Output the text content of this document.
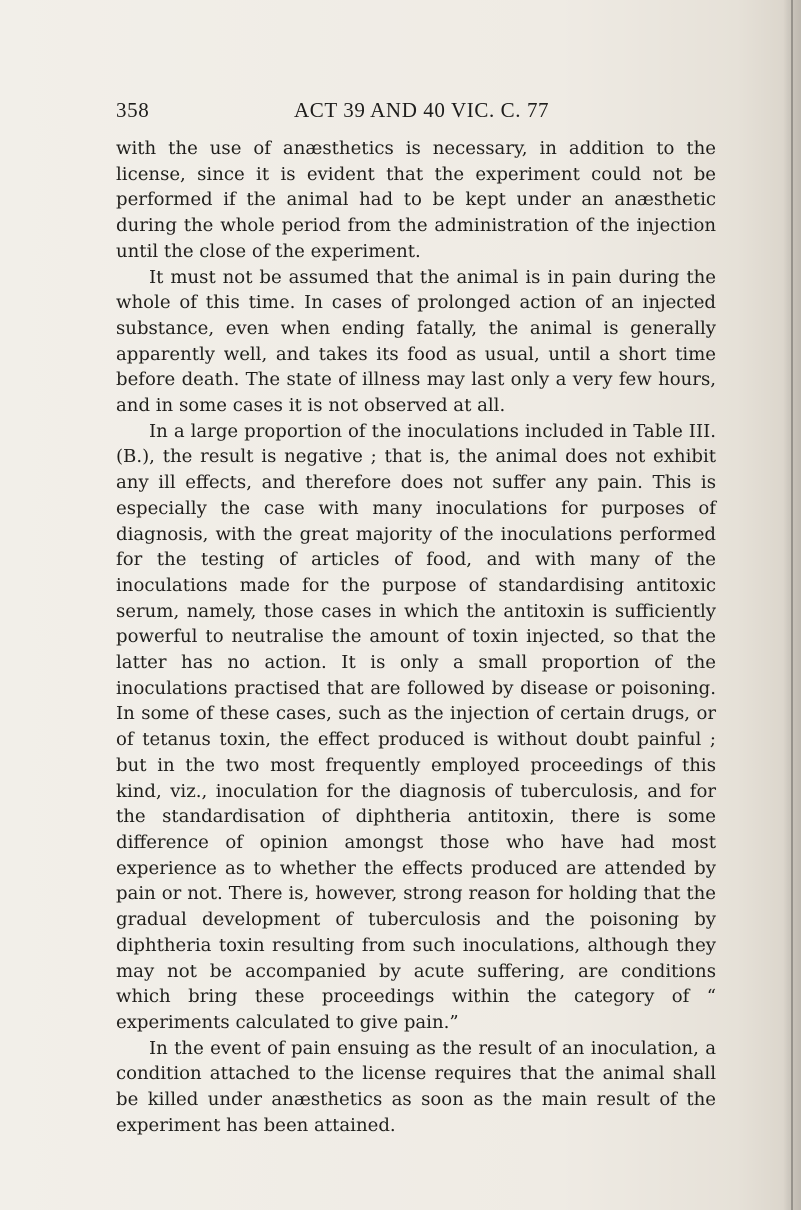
358	ACT 39 AND 40 VIC. C. 77

with the use of anæsthetics is necessary, in addition to the license, since it is evident that the experiment could not be performed if the animal had to be kept under an anæsthetic during the whole period from the administration of the injection until the close of the experiment.

It must not be assumed that the animal is in pain during the whole of this time. In cases of prolonged action of an injected substance, even when ending fatally, the animal is generally apparently well, and takes its food as usual, until a short time before death. The state of illness may last only a very few hours, and in some cases it is not observed at all.

In a large proportion of the inoculations included in Table III. (B.), the result is negative ; that is, the animal does not exhibit any ill effects, and therefore does not suffer any pain. This is especially the case with many inoculations for purposes of diagnosis, with the great majority of the inoculations performed for the testing of articles of food, and with many of the inoculations made for the purpose of standardising antitoxic serum, namely, those cases in which the antitoxin is sufficiently powerful to neutralise the amount of toxin injected, so that the latter has no action. It is only a small proportion of the inoculations practised that are followed by disease or poisoning. In some of these cases, such as the injection of certain drugs, or of tetanus toxin, the effect produced is without doubt painful ; but in the two most frequently employed proceedings of this kind, viz., inoculation for the diagnosis of tuberculosis, and for the standardisation of diphtheria antitoxin, there is some difference of opinion amongst those who have had most experience as to whether the effects produced are attended by pain or not. There is, however, strong reason for holding that the gradual development of tuberculosis and the poisoning by diphtheria toxin resulting from such inoculations, although they may not be accompanied by acute suffering, are conditions which bring these proceedings within the category of “ experiments calculated to give pain.”

In the event of pain ensuing as the result of an inoculation, a condition attached to the license requires that the animal shall be killed under anæsthetics as soon as the main result of the experiment has been attained.
